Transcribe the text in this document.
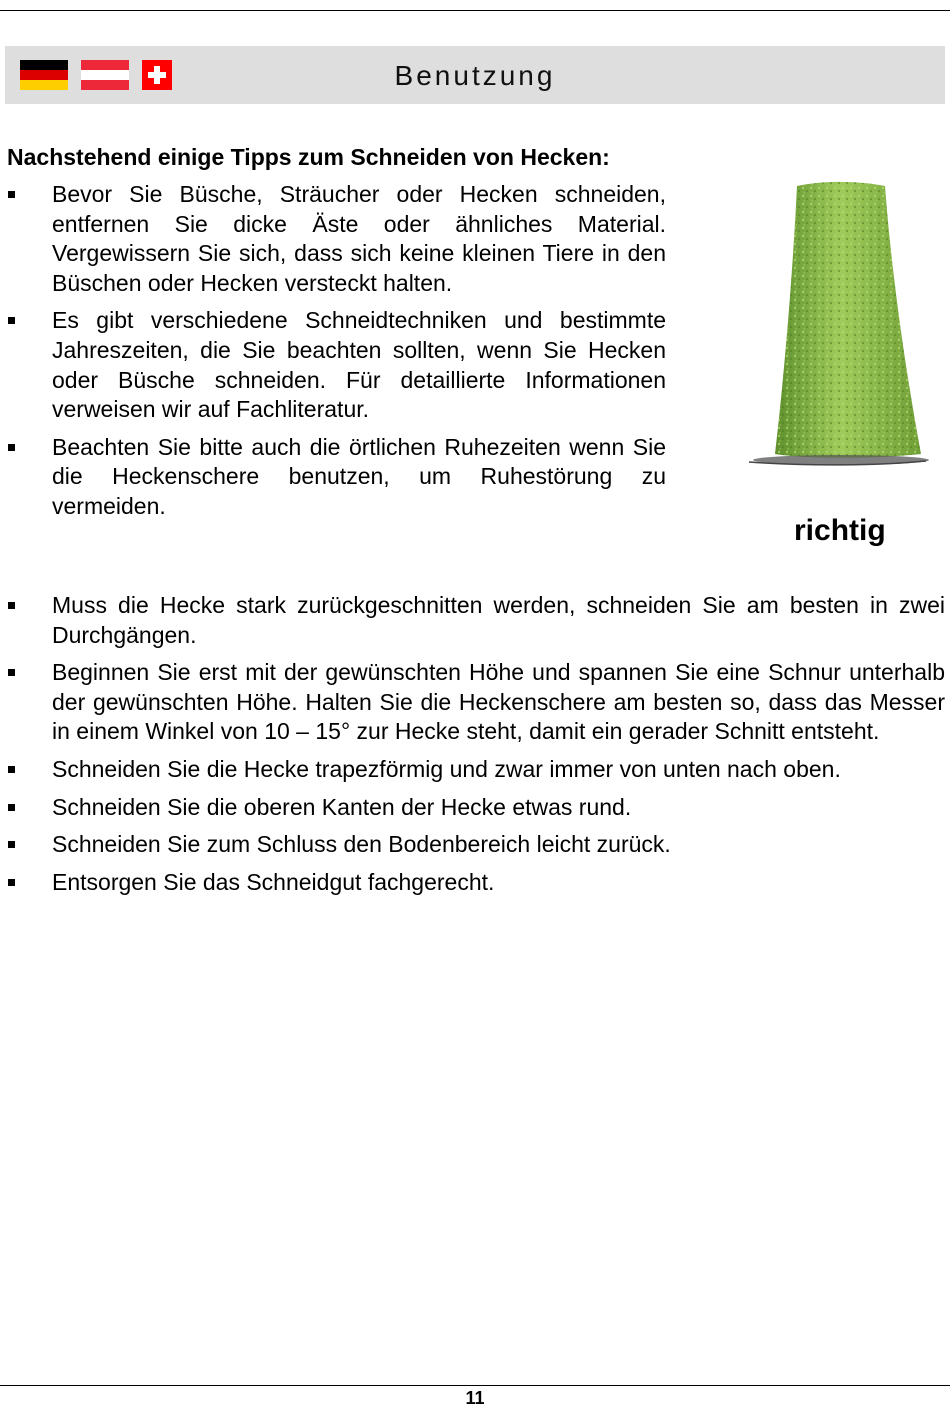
Benutzung

Nachstehend einige Tipps zum Schneiden von Hecken:

Bevor Sie Büsche, Sträucher oder Hecken schneiden, entfernen Sie dicke Äste oder ähnliches Material. Vergewissern Sie sich, dass sich keine kleinen Tiere in den Büschen oder Hecken versteckt halten.
Es gibt verschiedene Schneidtechniken und bestimmte Jahreszeiten, die Sie beachten sollten, wenn Sie Hecken oder Büsche schneiden. Für detaillierte Informationen verweisen wir auf Fachliteratur.
Beachten Sie bitte auch die örtlichen Ruhezeiten wenn Sie die Heckenschere benutzen, um Ruhestörung zu vermeiden.

richtig

Muss die Hecke stark zurückgeschnitten werden, schneiden Sie am besten in zwei Durchgängen.
Beginnen Sie erst mit der gewünschten Höhe und spannen Sie eine Schnur unterhalb der gewünschten Höhe. Halten Sie die Heckenschere am besten so, dass das Messer in einem Winkel von 10 – 15° zur Hecke steht, damit ein gerader Schnitt entsteht.
Schneiden Sie die Hecke trapezförmig und zwar immer von unten nach oben.
Schneiden Sie die oberen Kanten der Hecke etwas rund.
Schneiden Sie zum Schluss den Bodenbereich leicht zurück.
Entsorgen Sie das Schneidgut fachgerecht.

11
